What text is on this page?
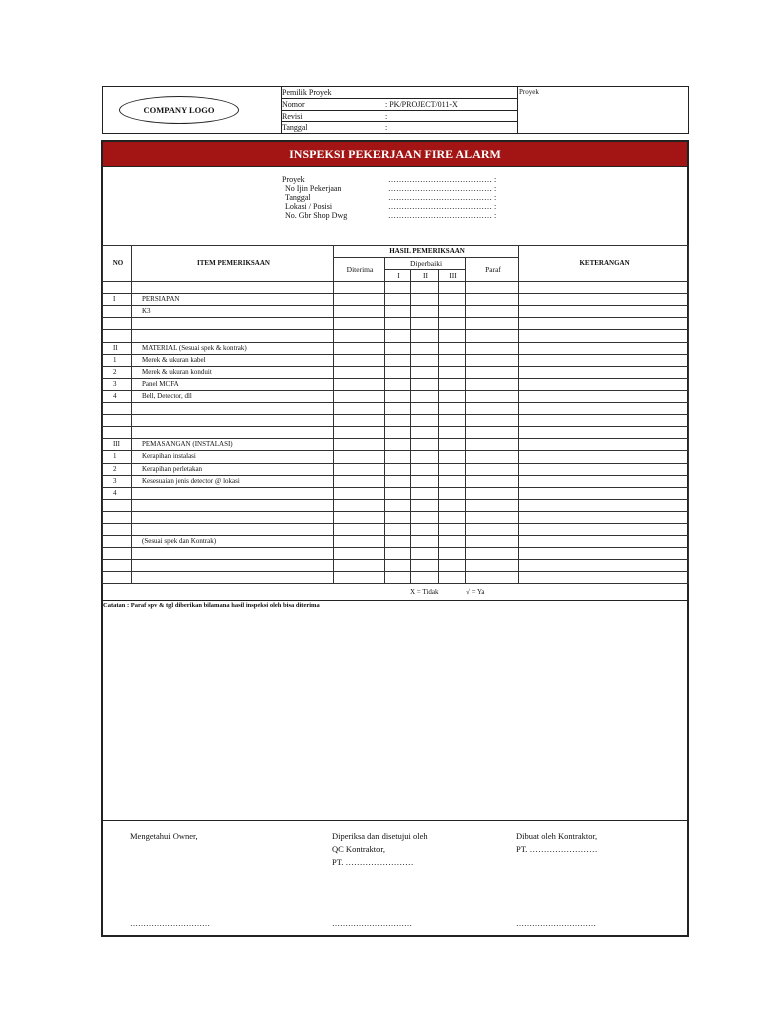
COMPANY LOGO
Pemilik Proyek
Nomor	: PK/PROJECT/011-X
Revisi	:
Tanggal	:
Proyek
INSPEKSI PEKERJAAN FIRE ALARM
Proyek	………………………………… :
No Ijin Pekerjaan	………………………………… :
Tanggal	………………………………… :
Lokasi / Posisi	………………………………… :
No. Gbr Shop Dwg	………………………………… :
NO	ITEM PEMERIKSAAN	HASIL PEMERIKSAAN					KETERANGAN
		Diterima	Diperbaiki			Paraf	
			I	II	III		

I	PERSIAPAN						
	K3						

II	MATERIAL (Sesuai spek & kontrak)						
1	Merek & ukuran kabel						
2	Merek & ukuran konduit						
3	Panel MCFA						
4	Bell, Detector, dll						

III	PEMASANGAN (INSTALASI)						
1	Kerapihan instalasi						
2	Kerapihan perletakan						
3	Kesesuaian jenis detector @ lokasi						
4							

	(Sesuai spek dan Kontrak)						

X = Tidak	√ = Ya
Catatan : Paraf spv & tgl diberikan bilamana hasil inspeksi oleh bisa diterima
Mengetahui Owner,
…………………………
Diperiksa dan disetujui oleh
QC Kontraktor,
PT. ……………………
…………………………
Dibuat oleh Kontraktor,
PT. ……………………
…………………………
